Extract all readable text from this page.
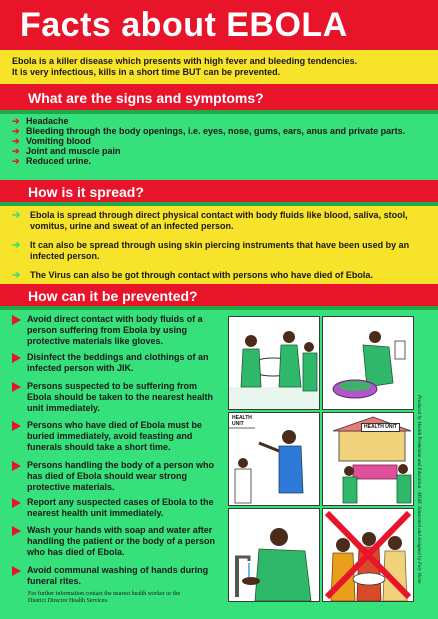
Facts about EBOLA
Ebola is a killer disease which presents with high fever and bleeding tendencies.
It is very infectious, kills in a short time BUT can be prevented.
What are the signs and symptoms?
➔ Headache
➔ Bleeding through the body openings, i.e. eyes, nose, gums, ears, anus and private parts.
➔ Vomiting blood
➔ Joint and muscle pain
➔ Reduced urine.
How is it spread?
➔	Ebola is spread through direct physical contact with body fluids like blood, saliva, stool, vomitus, urine and sweat of an infected person.
➔	It can also be spread through using skin piercing instruments that have been used by an infected person.
➔	The Virus can also be got through contact with persons who have died of Ebola.
How can it be prevented?
Avoid direct contact with body fluids of a person suffering from Ebola by using protective materials like gloves.
Disinfect the beddings and clothings of an infected person with JIK.
Persons suspected to be suffering from Ebola should be taken to the nearest health unit immediately.
Persons who have died of Ebola must be buried immediately, avoid feasting and funerals should take a short time.
Persons handling the body of a person who has died of Ebola should wear strong protective materials.
Report any suspected cases of Ebola to the nearest health unit immediately.
Wash your hands with soap and water after handling the patient or the body of a person who has died of Ebola.
Avoid communal washing of hands during funeral rites.
For further information contact the nearest health worker or the
District Director Health Services.
HEALTH UNIT	HEALTH UNIT	Produced by Health Promotion and Education - MOH. Illustrated and designed by Fely Victor
